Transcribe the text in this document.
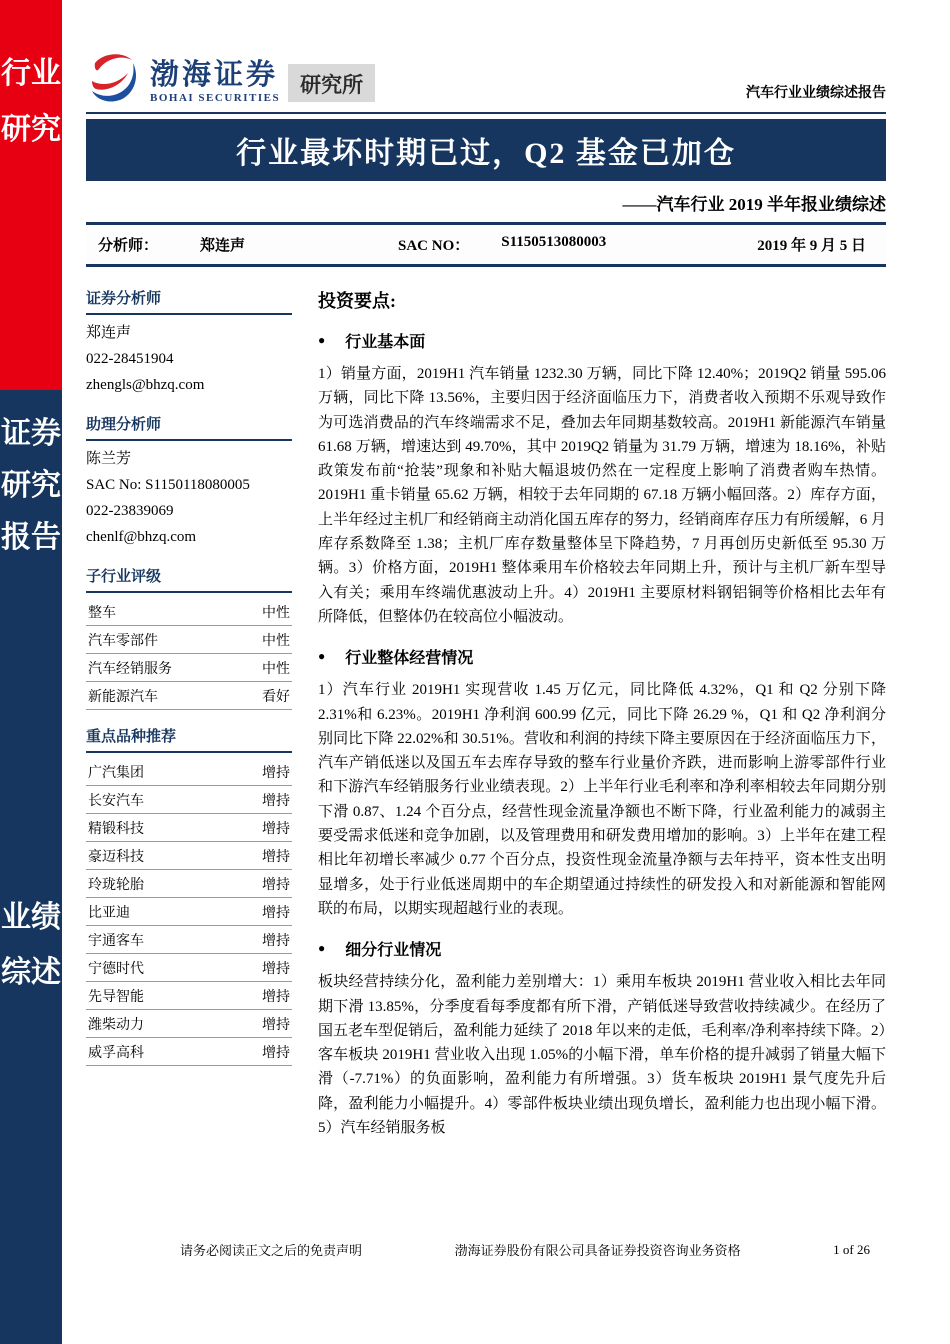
行业研究
证券研究报告
业绩综述
渤海证券
BOHAI SECURITIES
研究所	汽车行业业绩综述报告
行业最坏时期已过，Q2 基金已加仓
——汽车行业 2019 半年报业绩综述
分析师：	郑连声	SAC NO： S1150513080003	2019 年 9 月 5 日
证券分析师
郑连声
022-28451904
zhengls@bhzq.com
助理分析师
陈兰芳
SAC No: S1150118080005
022-23839069
chenlf@bhzq.com
子行业评级
整车	中性
汽车零部件	中性
汽车经销服务	中性
新能源汽车	看好
重点品种推荐
广汽集团	增持
长安汽车	增持
精锻科技	增持
豪迈科技	增持
玲珑轮胎	增持
比亚迪	增持
宇通客车	增持
宁德时代	增持
先导智能	增持
潍柴动力	增持
威孚高科	增持
投资要点:
● 行业基本面

1）销量方面，2019H1 汽车销量 1232.30 万辆，同比下降 12.40%；2019Q2 销量 595.06 万辆，同比下降 13.56%，主要归因于经济面临压力下，消费者收入预期不乐观导致作为可选消费品的汽车终端需求不足，叠加去年同期基数较高。2019H1 新能源汽车销量 61.68 万辆，增速达到 49.70%，其中 2019Q2 销量为 31.79 万辆，增速为 18.16%，补贴政策发布前“抢装”现象和补贴大幅退坡仍然在一定程度上影响了消费者购车热情。2019H1 重卡销量 65.62 万辆，相较于去年同期的 67.18 万辆小幅回落。2）库存方面，上半年经过主机厂和经销商主动消化国五库存的努力，经销商库存压力有所缓解，6 月库存系数降至 1.38；主机厂库存数量整体呈下降趋势，7 月再创历史新低至 95.30 万辆。3）价格方面，2019H1 整体乘用车价格较去年同期上升，预计与主机厂新车型导入有关；乘用车终端优惠波动上升。4）2019H1 主要原材料钢铝铜等价格相比去年有所降低，但整体仍在较高位小幅波动。

● 行业整体经营情况

1）汽车行业 2019H1 实现营收 1.45 万亿元，同比降低 4.32%，Q1 和 Q2 分别下降 2.31%和 6.23%。2019H1 净利润 600.99 亿元，同比下降 26.29 %，Q1 和 Q2 净利润分别同比下降 22.02%和 30.51%。营收和利润的持续下降主要原因在于经济面临压力下，汽车产销低迷以及国五车去库存导致的整车行业量价齐跌，进而影响上游零部件行业和下游汽车经销服务行业业绩表现。2）上半年行业毛利率和净利率相较去年同期分别下滑 0.87、1.24 个百分点，经营性现金流量净额也不断下降，行业盈利能力的减弱主要受需求低迷和竞争加剧，以及管理费用和研发费用增加的影响。3）上半年在建工程相比年初增长率减少 0.77 个百分点，投资性现金流量净额与去年持平，资本性支出明显增多，处于行业低迷周期中的车企期望通过持续性的研发投入和对新能源和智能网联的布局，以期实现超越行业的表现。

● 细分行业情况

板块经营持续分化，盈利能力差别增大：1）乘用车板块 2019H1 营业收入相比去年同期下滑 13.85%，分季度看每季度都有所下滑，产销低迷导致营收持续减少。在经历了国五老车型促销后，盈利能力延续了 2018 年以来的走低，毛利率/净利率持续下降。2）客车板块 2019H1 营业收入出现 1.05%的小幅下滑，单车价格的提升减弱了销量大幅下滑（-7.71%）的负面影响，盈利能力有所增强。3）货车板块 2019H1 景气度先升后降，盈利能力小幅提升。4）零部件板块业绩出现负增长，盈利能力也出现小幅下滑。5）汽车经销服务板

请务必阅读正文之后的免责声明	渤海证券股份有限公司具备证券投资咨询业务资格	1 of 26
